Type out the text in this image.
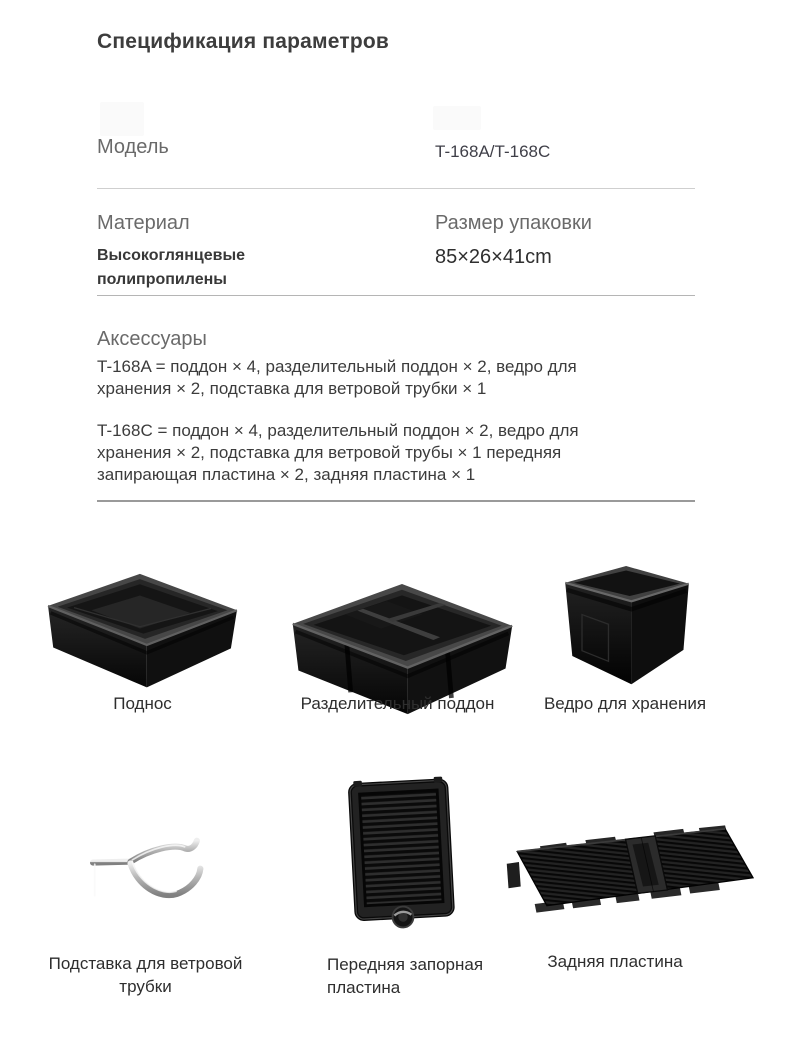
Спецификация параметров
Модель	T-168A/T-168C
Материал
Высокоглянцевые полипропилены
Размер упаковки
85×26×41cm
Аксессуары
T-168A = поддон × 4, разделительный поддон × 2, ведро для хранения × 2, подставка для ветровой трубки × 1
T-168C = поддон × 4, разделительный поддон × 2, ведро для хранения × 2, подставка для ветровой трубы × 1 передняя запирающая пластина × 2, задняя пластина × 1
Поднос	Разделительный поддон	Ведро для хранения
Подставка для ветровой трубки
Передняя запорная пластина
Задняя пластина
